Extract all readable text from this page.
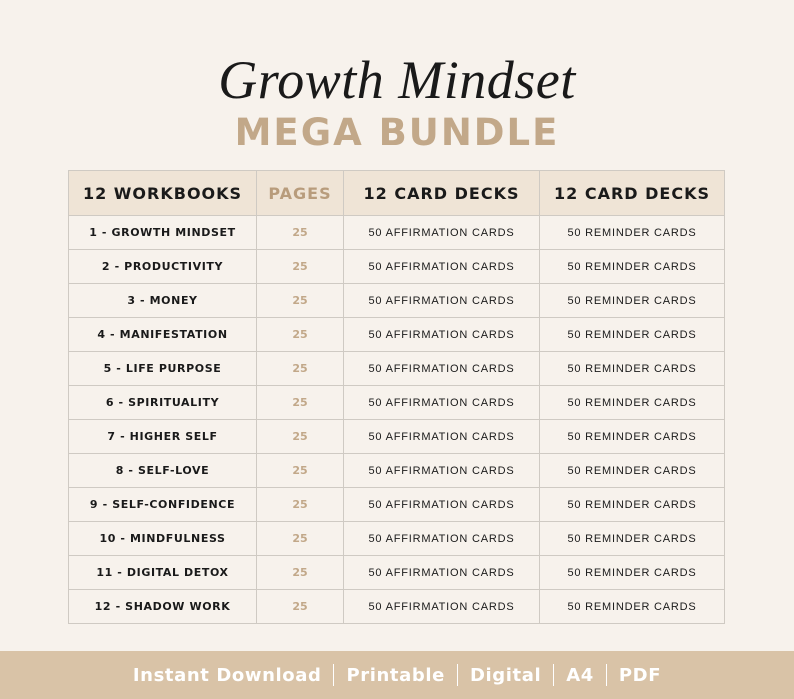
Growth Mindset
MEGA BUNDLE
12 WORKBOOKS	PAGES	12 CARD DECKS	12 CARD DECKS
1 - GROWTH MINDSET	25	50 AFFIRMATION CARDS	50 REMINDER CARDS
2 - PRODUCTIVITY	25	50 AFFIRMATION CARDS	50 REMINDER CARDS
3 - MONEY	25	50 AFFIRMATION CARDS	50 REMINDER CARDS
4 - MANIFESTATION	25	50 AFFIRMATION CARDS	50 REMINDER CARDS
5 - LIFE PURPOSE	25	50 AFFIRMATION CARDS	50 REMINDER CARDS
6 - SPIRITUALITY	25	50 AFFIRMATION CARDS	50 REMINDER CARDS
7 - HIGHER SELF	25	50 AFFIRMATION CARDS	50 REMINDER CARDS
8 - SELF-LOVE	25	50 AFFIRMATION CARDS	50 REMINDER CARDS
9 - SELF-CONFIDENCE	25	50 AFFIRMATION CARDS	50 REMINDER CARDS
10 - MINDFULNESS	25	50 AFFIRMATION CARDS	50 REMINDER CARDS
11 - DIGITAL DETOX	25	50 AFFIRMATION CARDS	50 REMINDER CARDS
12 - SHADOW WORK	25	50 AFFIRMATION CARDS	50 REMINDER CARDS
Instant Download	Printable	Digital	A4	PDF
